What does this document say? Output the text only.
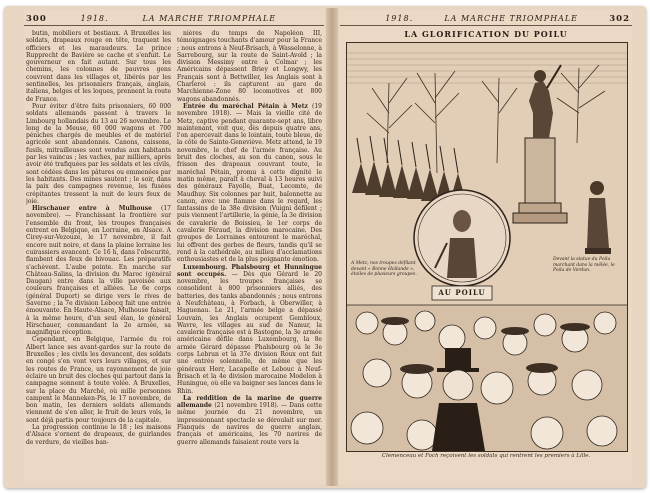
300	1918.	LA MARCHE TRIOMPHALE

butin, mobiliers et bestiaux. A Bruxelles les soldats, drapeaux rouge en tête, traquent les officiers et les maraudeurs. Le prince Rupprecht de Bavière se cache et s'enfuit. Le gouverneur en fait autant. Sur tous les chemins, les colonnes de pauvres gens couvrent dans les villages et, libérés par les sentinelles, les prisonniers français, anglais, italiens, belges et les loques, prennent la route de France.

Pour éviter d'être faits prisonniers, 60 000 soldats allemands passent à travers le Limbourg hollandais du 13 au 26 novembre. Le long de la Meuse, 60 000 wagons et 700 péniches chargés de meubles et de matériel agricole sont abandonnés. Canons, caissons, fusils, mitrailleuses sont vendus aux habitants par les vaincus ; les vaches, par milliers, après avoir été trafiquées par les soldats et les civils, sont cédées dans les pâtures ou emmenées par les habitants. Des mines sautent ; le soir, dans la paix des campagnes revenue, les fusées crépitantes tressent la nuit de leurs feux de joie.

Hirschauer entre à Mulhouse (17 novembre). — Franchissant la frontière sur l'ensemble du front, les troupes françaises entrent en Belgique, en Lorraine, en Alsace. A Cirey-sur-Vezouze, le 17 novembre, il fait encore nuit noire, et dans la plaine lorraine les cuirassiers avancent. Ce 16 h, dans l'obscurité, flambent des feux de bivouac. Les préparatifs s'achèvent. L'aube pointe. En marche sur Château-Salins, la division du Maroc (général Daugan) entre dans la ville pavoisée aux couleurs françaises et alliées. Le 6e corps (général Duport) se dirige vers le rives de Saverne ; la 7e division Lebocq fait une entrée émouvante. En Haute-Alsace, Mulhouse faisait, à la même heure, d'un seul élan, le général Hirschauer, commandant la 2e armée, sa magnifique réception.

Cependant, en Belgique, l'armée du roi Albert lance ses avant-gardes sur la route de Bruxelles ; les civils les devancent, des soldats en congé s'en vont vers leurs villages, et sur les routes de France, un rayonnement de joie éclaire un bruit des cloches qui partout dans la campagne sonnent à toute volée. A Bruxelles, sur la place du Marché, où mille personnes campent le Manneken-Pis, le 17 novembre, de bon matin, les derniers soldats allemands viennent de s'en aller, le fruit de leurs vols, le sont déjà partis pour toujours de la capitale.

La progression continue le 18 ; les maisons d'Alsace s'ornent de drapeaux, de guirlandes de verdure, de vieilles ban-

nières du temps de Napoléon III, témoignages touchants d'amour pour la France ; nous entrons à Neuf-Brisach, à Wasselonne, à Sarrebourg, sur la route de Saint-Avold ; la division Messimy entre à Colmar ; les Américains dépassent Briey et Longwy, les Français sont à Bettwiller, les Anglais sont à Charleroi : ils capturent au gare de Marchienne-Zone 80 locomotives et 800 wagons abandonnés.

Entrée du maréchal Pétain à Metz (19 novembre 1918). — Mais la vieille cité de Metz, captive pendant quarante-sept ans, libre maintenant, voit que, dès depuis quatre ans, l'on apercevait dans le lointain, toute bleue, de la côte de Sainte-Geneviève. Metz attend, le 19 novembre, le chef de l'armée française. Au bruit des cloches, au son du canon, sous le frisson des drapeaux couvrant toute, le maréchal Pétain, promu à cette dignité le matin même, paraît à cheval à 13 heures suivi des généraux Fayolle, Buat, Lecomte, de Maudhuy. Six colonnes par huit, baïonnette au canon, avec une flamme dans le regard, les fantassins de la 38e division (Vuigni défilent ; puis viennent l'artillerie, la génie, la 3e division de cavalerie de Boissieu, le 1er corps de cavalerie Féraud, la division marocaine. Des groupes de Lorraines entourent le maréchal, lui offrent des gerbes de fleurs, tandis qu'il se rend à la cathédrale, au milieu d'acclamations enthousiastes et de la plus poignante émotion.

Luxembourg. Phalsbourg et Hunningue sont occupés. — Dès que Gérard le 20 novembre, les troupes françaises se consolident à 800 prisonniers alliés, des batteries, des tanks abandonnés ; nous entrons à Neufchâteau, à Forbach, à Oberwiller, à Haguenau. Le 21, l'armée belge a dépassé Louvain, les Anglais occupent Gembloux, Wavre, les villages au sud de Namur, la cavalerie française est à Bastogne, la 3e armée américaine défile dans Luxembourg, la 8e armée Gérard dépasse Phalsbourg où le 3e corps Lebrun et la 37e division Roux ont fait une entrée solennelle, de même que les généraux Herr, Lacapelle et Lebouc à Neuf-Brisach et la 4e division marocaine Modelon à Huningue, où elle va baigner ses lances dans le Rhin.

La reddition de la marine de guerre allemande (21 novembre 1918). — Dans cette même journée du 21 novembre, un impressionnant spectacle se déroulait sur mer. Flanqués de navires de guerre anglais, français et américains, les 70 navires de guerre allemands faisaient route vers la

1918.	LA MARCHE TRIOMPHALE	302
LA GLORIFICATION DU POILU
A Metz, nos troupes défilant devant « Bonne Hollande », étoiles de plusieurs groupes.
Devant la statue du Poilu marchant dans la mêlée, le Poilu de Verdun.
AU POILU
Clemenceau et Foch reçoivent les soldats qui rentrent les premiers à Lille.
